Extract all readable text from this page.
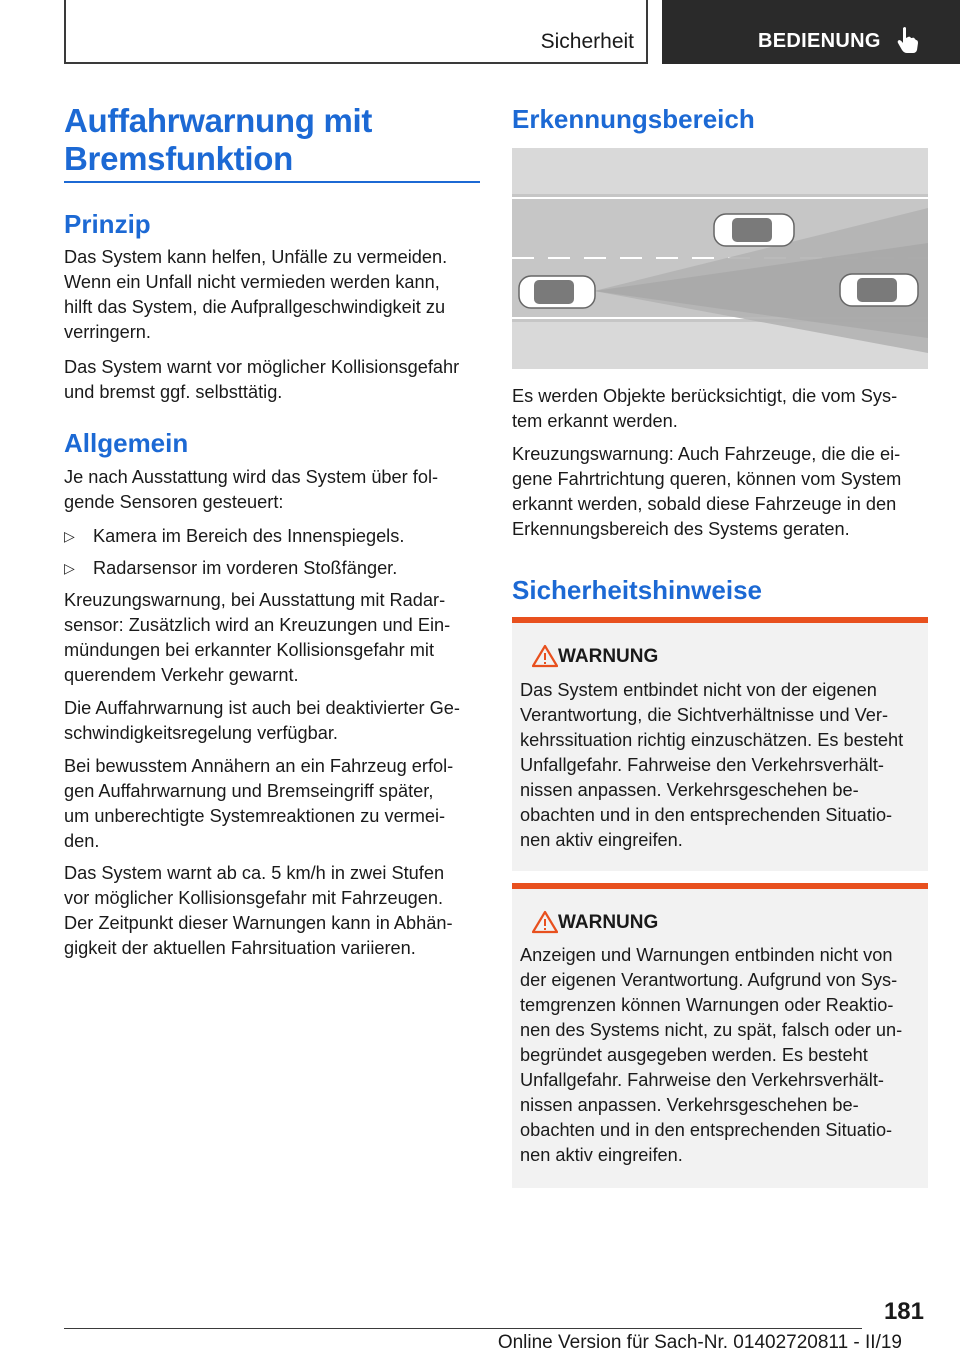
Sicherheit	BEDIENUNG
Auffahrwarnung mit
Bremsfunktion
Prinzip

Das System kann helfen, Unfälle zu vermeiden.
Wenn ein Unfall nicht vermieden werden kann,
hilft das System, die Aufprallgeschwindigkeit zu
verringern.

Das System warnt vor möglicher Kollisionsgefahr
und bremst ggf. selbsttätig.

Allgemein

Je nach Ausstattung wird das System über fol‐
gende Sensoren gesteuert:

▷ Kamera im Bereich des Innenspiegels.
▷ Radarsensor im vorderen Stoßfänger.

Kreuzungswarnung, bei Ausstattung mit Radar‐
sensor: Zusätzlich wird an Kreuzungen und Ein‐
mündungen bei erkannter Kollisionsgefahr mit
querendem Verkehr gewarnt.

Die Auffahrwarnung ist auch bei deaktivierter Ge‐
schwindigkeitsregelung verfügbar.

Bei bewusstem Annähern an ein Fahrzeug erfol‐
gen Auffahrwarnung und Bremseingriff später,
um unberechtigte Systemreaktionen zu vermei‐
den.

Das System warnt ab ca. 5 km/h in zwei Stufen
vor möglicher Kollisionsgefahr mit Fahrzeugen.
Der Zeitpunkt dieser Warnungen kann in Abhän‐
gigkeit der aktuellen Fahrsituation variieren.

Erkennungsbereich

Es werden Objekte berücksichtigt, die vom Sys‐
tem erkannt werden.

Kreuzungswarnung: Auch Fahrzeuge, die die ei‐
gene Fahrtrichtung queren, können vom System
erkannt werden, sobald diese Fahrzeuge in den
Erkennungsbereich des Systems geraten.

Sicherheitshinweise
WARNUNG

Das System entbindet nicht von der eigenen
Verantwortung, die Sichtverhältnisse und Ver‐
kehrssituation richtig einzuschätzen. Es besteht
Unfallgefahr. Fahrweise den Verkehrsverhält‐
nissen anpassen. Verkehrsgeschehen be‐
obachten und in den entsprechenden Situatio‐
nen aktiv eingreifen.

WARNUNG

Anzeigen und Warnungen entbinden nicht von
der eigenen Verantwortung. Aufgrund von Sys‐
temgrenzen können Warnungen oder Reaktio‐
nen des Systems nicht, zu spät, falsch oder un‐
begründet ausgegeben werden. Es besteht
Unfallgefahr. Fahrweise den Verkehrsverhält‐
nissen anpassen. Verkehrsgeschehen be‐
obachten und in den entsprechenden Situatio‐
nen aktiv eingreifen.

181
Online Version für Sach-Nr. 01402720811 - II/19
